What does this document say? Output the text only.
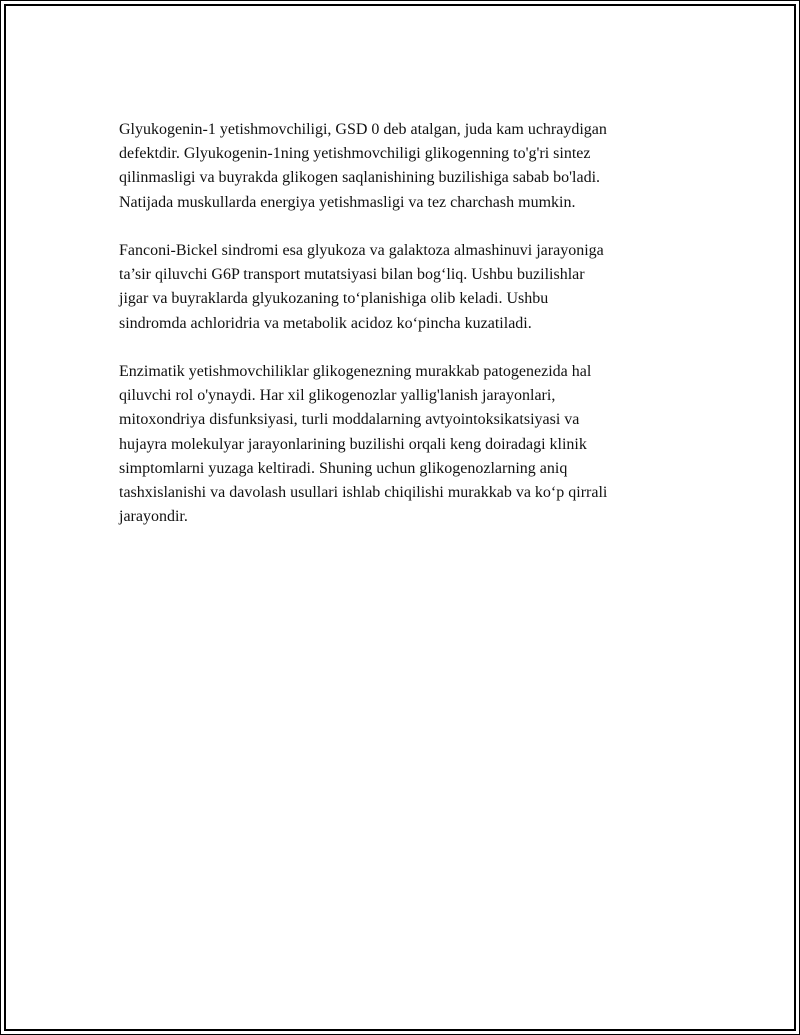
Glyukogenin-1 yetishmovchiligi, GSD 0 deb atalgan, juda kam uchraydigan
defektdir. Glyukogenin-1ning yetishmovchiligi glikogenning to'g'ri sintez
qilinmasligi va buyrakda glikogen saqlanishining buzilishiga sabab bo'ladi.
Natijada muskullarda energiya yetishmasligi va tez charchash mumkin.

Fanconi-Bickel sindromi esa glyukoza va galaktoza almashinuvi jarayoniga
ta’sir qiluvchi G6P transport mutatsiyasi bilan bog‘liq. Ushbu buzilishlar
jigar va buyraklarda glyukozaning to‘planishiga olib keladi. Ushbu
sindromda achloridria va metabolik acidoz ko‘pincha kuzatiladi.

Enzimatik yetishmovchiliklar glikogenezning murakkab patogenezida hal
qiluvchi rol o'ynaydi. Har xil glikogenozlar yallig'lanish jarayonlari,
mitoxondriya disfunksiyasi, turli moddalarning avtyointoksikatsiyasi va
hujayra molekulyar jarayonlarining buzilishi orqali keng doiradagi klinik
simptomlarni yuzaga keltiradi. Shuning uchun glikogenozlarning aniq
tashxislanishi va davolash usullari ishlab chiqilishi murakkab va ko‘p qirrali
jarayondir.
